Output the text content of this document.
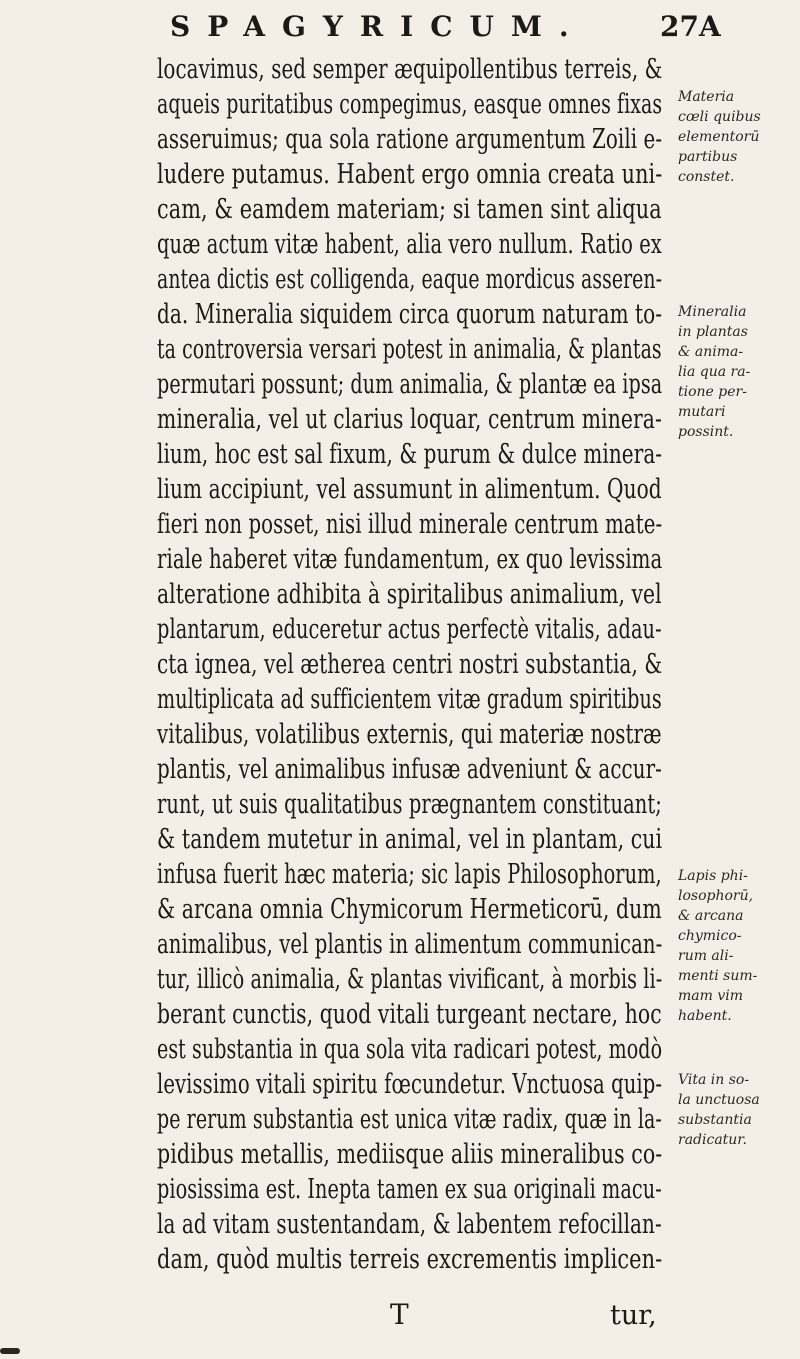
SPAGYRICUM.	27A
locavimus, sed semper æquipollentibus terreis, &
aqueis puritatibus compegimus, easque omnes fixas
asseruimus; qua sola ratione argumentum Zoili e-
ludere putamus. Habent ergo omnia creata uni-
cam, & eamdem materiam; si tamen sint aliqua
quæ actum vitæ habent, alia vero nullum. Ratio ex
antea dictis est colligenda, eaque mordicus asseren-
da. Mineralia siquidem circa quorum naturam to-
ta controversia versari potest in animalia, & plantas
permutari possunt; dum animalia, & plantæ ea ipsa
mineralia, vel ut clarius loquar, centrum minera-
lium, hoc est sal fixum, & purum & dulce minera-
lium accipiunt, vel assumunt in alimentum. Quod
fieri non posset, nisi illud minerale centrum mate-
riale haberet vitæ fundamentum, ex quo levissima
alteratione adhibita à spiritalibus animalium, vel
plantarum, educeretur actus perfectè vitalis, adau-
cta ignea, vel ætherea centri nostri substantia, &
multiplicata ad sufficientem vitæ gradum spiritibus
vitalibus, volatilibus externis, qui materiæ nostræ
plantis, vel animalibus infusæ adveniunt & accur-
runt, ut suis qualitatibus prægnantem constituant;
& tandem mutetur in animal, vel in plantam, cui
infusa fuerit hæc materia; sic lapis Philosophorum,
& arcana omnia Chymicorum Hermeticorū, dum
animalibus, vel plantis in alimentum communican-
tur, illicò animalia, & plantas vivificant, à morbis li-
berant cunctis, quod vitali turgeant nectare, hoc
est substantia in qua sola vita radicari potest, modò
levissimo vitali spiritu fœcundetur. Vnctuosa quip-
pe rerum substantia est unica vitæ radix, quæ in la-
pidibus metallis, mediisque aliis mineralibus co-
piosissima est. Inepta tamen ex sua originali macu-
la ad vitam sustentandam, & labentem refocillan-
dam, quòd multis terreis excrementis implicen-
Materia
cœli quibus
elementorū
partibus
constet.
Mineralia
in plantas
& anima-
lia qua ra-
tione per-
mutari
possint.
Lapis phi-
losophorū,
& arcana
chymico-
rum ali-
menti sum-
mam vim
habent.
Vita in so-
la unctuosa
substantia
radicatur.
T	tur,
